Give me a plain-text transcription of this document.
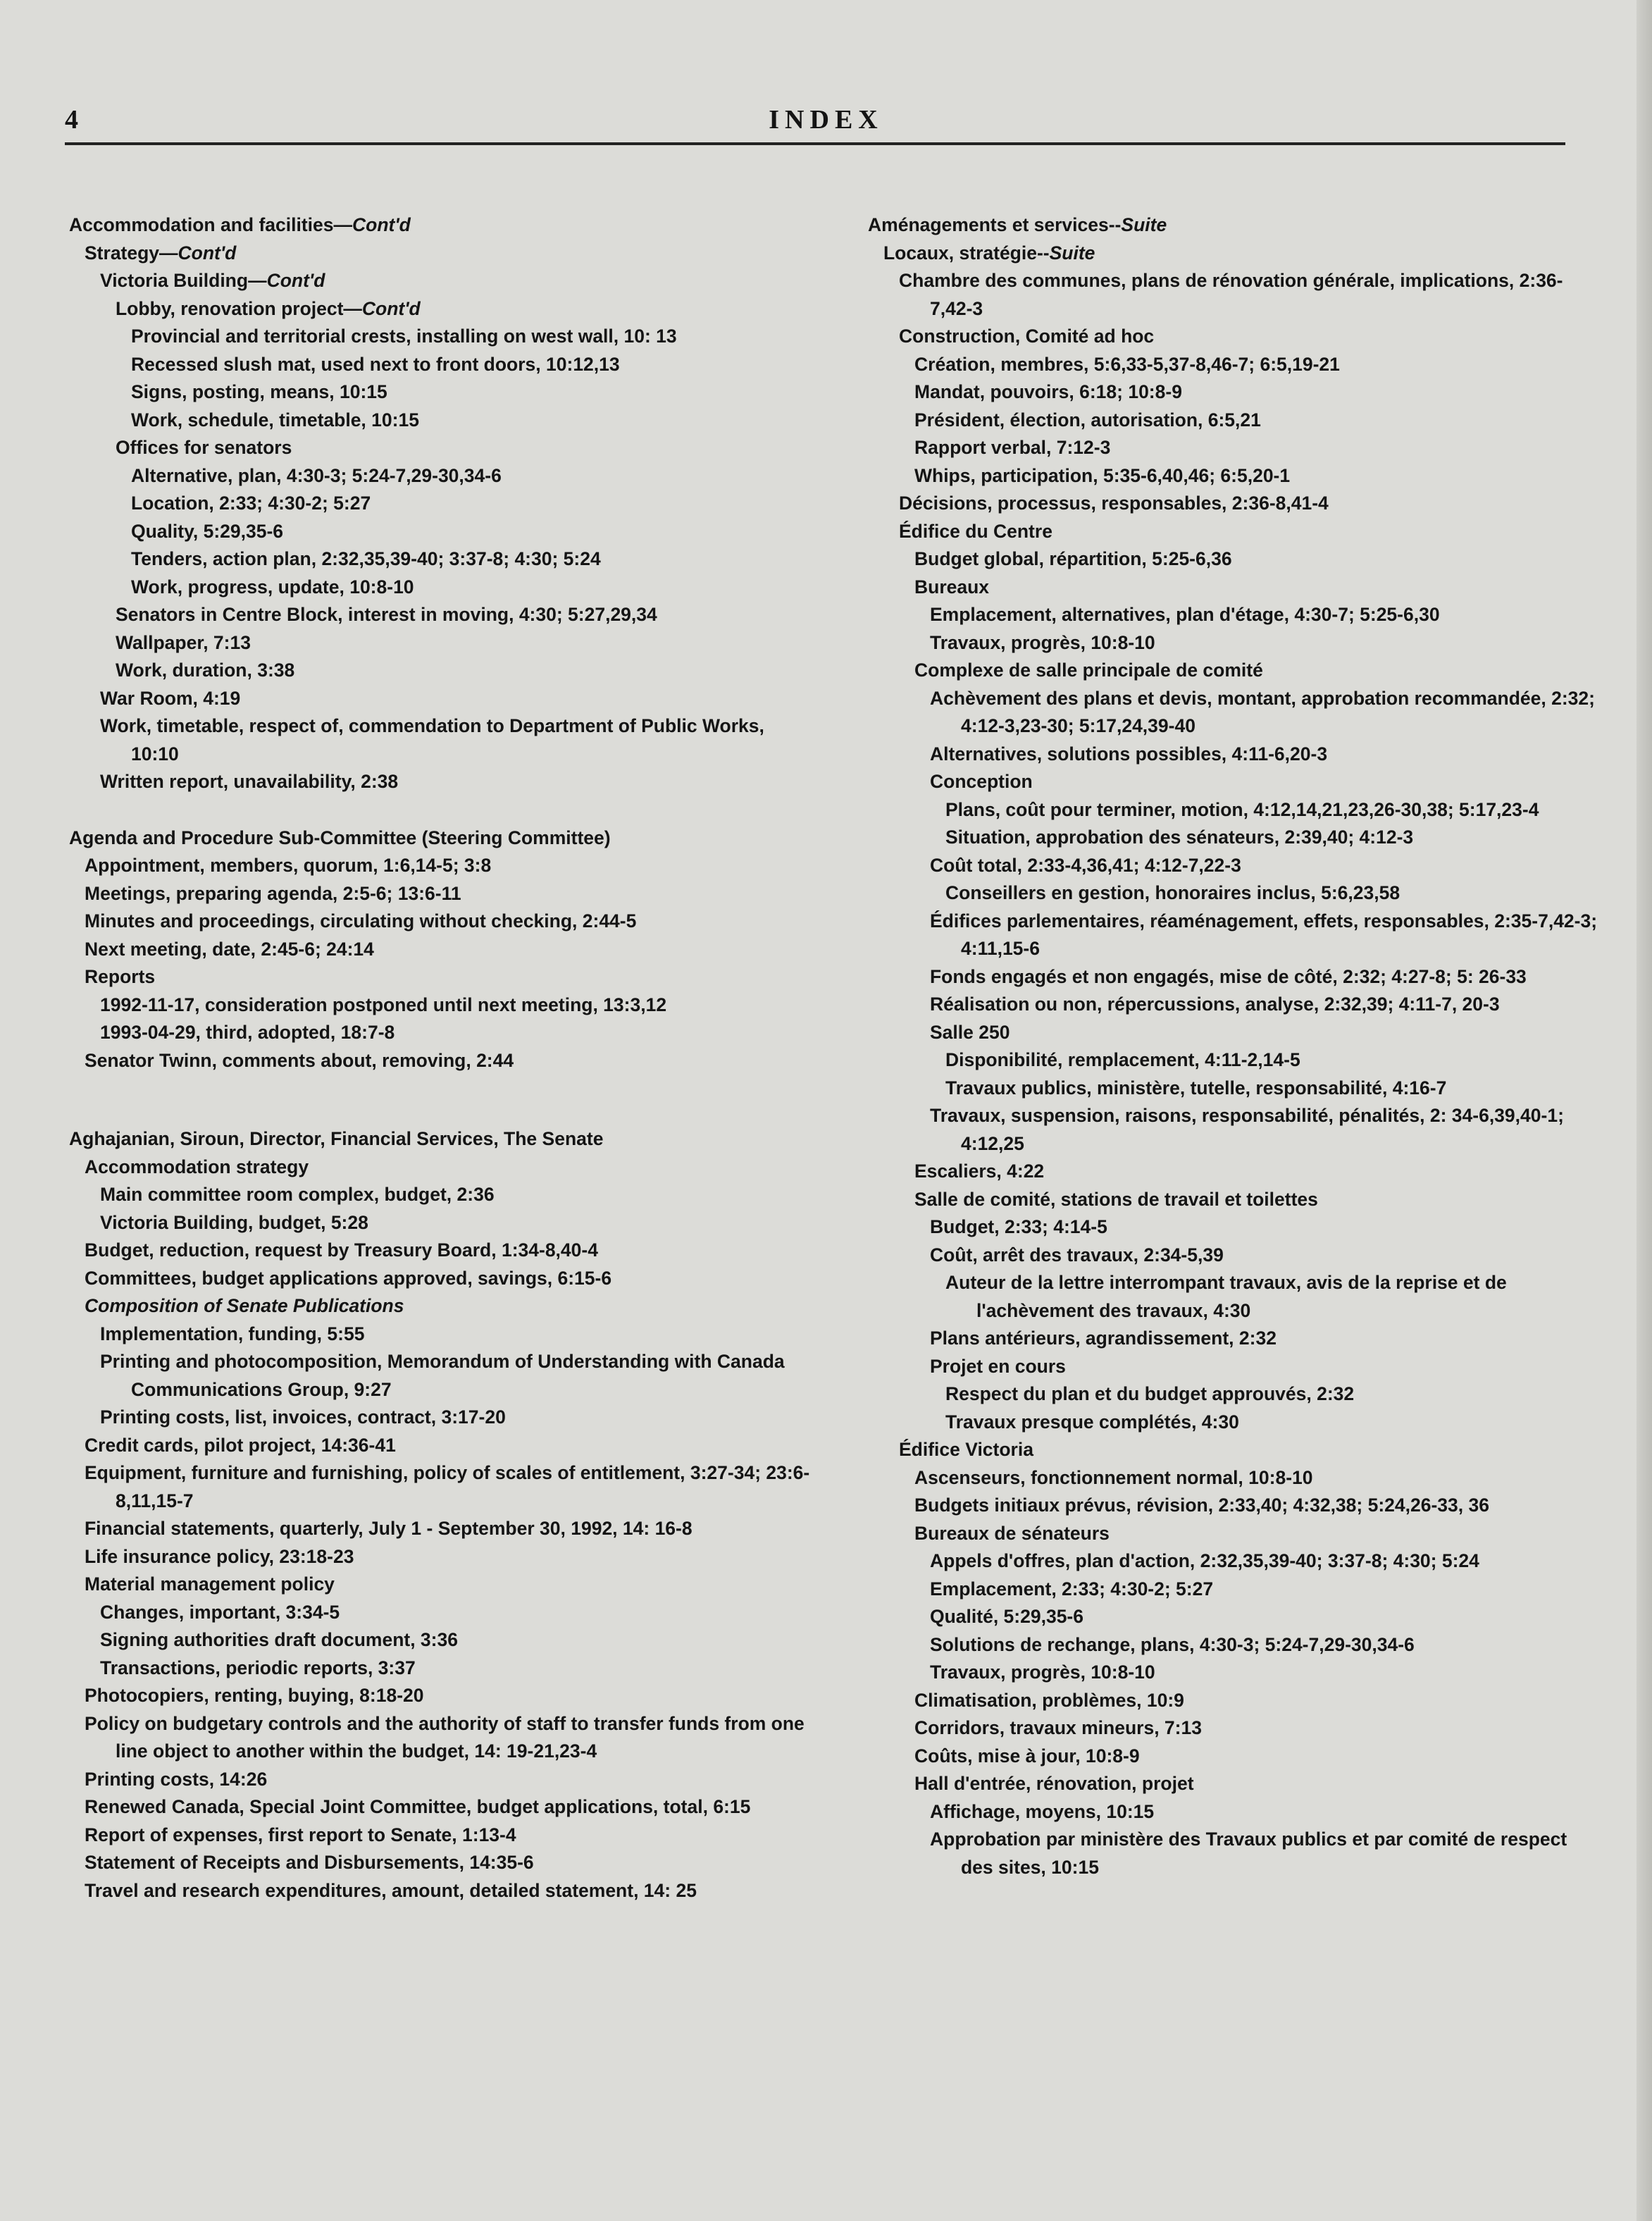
4	INDEX
Accommodation and facilities—Cont'd
Strategy—Cont'd
Victoria Building—Cont'd
Lobby, renovation project—Cont'd
Provincial and territorial crests, installing on west wall, 10: 13
Recessed slush mat, used next to front doors, 10:12,13
Signs, posting, means, 10:15
Work, schedule, timetable, 10:15
Offices for senators
Alternative, plan, 4:30-3; 5:24-7,29-30,34-6
Location, 2:33; 4:30-2; 5:27
Quality, 5:29,35-6
Tenders, action plan, 2:32,35,39-40; 3:37-8; 4:30; 5:24
Work, progress, update, 10:8-10
Senators in Centre Block, interest in moving, 4:30; 5:27,29,34
Wallpaper, 7:13
Work, duration, 3:38
War Room, 4:19
Work, timetable, respect of, commendation to Department of Public Works, 10:10
Written report, unavailability, 2:38
Agenda and Procedure Sub-Committee (Steering Committee)
Appointment, members, quorum, 1:6,14-5; 3:8
Meetings, preparing agenda, 2:5-6; 13:6-11
Minutes and proceedings, circulating without checking, 2:44-5
Next meeting, date, 2:45-6; 24:14
Reports
1992-11-17, consideration postponed until next meeting, 13:3,12
1993-04-29, third, adopted, 18:7-8
Senator Twinn, comments about, removing, 2:44
Aghajanian, Siroun, Director, Financial Services, The Senate
Accommodation strategy
Main committee room complex, budget, 2:36
Victoria Building, budget, 5:28
Budget, reduction, request by Treasury Board, 1:34-8,40-4
Committees, budget applications approved, savings, 6:15-6
Composition of Senate Publications
Implementation, funding, 5:55
Printing and photocomposition, Memorandum of Understanding with Canada Communications Group, 9:27
Printing costs, list, invoices, contract, 3:17-20
Credit cards, pilot project, 14:36-41
Equipment, furniture and furnishing, policy of scales of entitlement, 3:27-34; 23:6-8,11,15-7
Financial statements, quarterly, July 1 - September 30, 1992, 14: 16-8
Life insurance policy, 23:18-23
Material management policy
Changes, important, 3:34-5
Signing authorities draft document, 3:36
Transactions, periodic reports, 3:37
Photocopiers, renting, buying, 8:18-20
Policy on budgetary controls and the authority of staff to transfer funds from one line object to another within the budget, 14: 19-21,23-4
Printing costs, 14:26
Renewed Canada, Special Joint Committee, budget applications, total, 6:15
Report of expenses, first report to Senate, 1:13-4
Statement of Receipts and Disbursements, 14:35-6
Travel and research expenditures, amount, detailed statement, 14: 25
Aménagements et services--Suite
Locaux, stratégie--Suite
Chambre des communes, plans de rénovation générale, implications, 2:36-7,42-3
Construction, Comité ad hoc
Création, membres, 5:6,33-5,37-8,46-7; 6:5,19-21
Mandat, pouvoirs, 6:18; 10:8-9
Président, élection, autorisation, 6:5,21
Rapport verbal, 7:12-3
Whips, participation, 5:35-6,40,46; 6:5,20-1
Décisions, processus, responsables, 2:36-8,41-4
Édifice du Centre
Budget global, répartition, 5:25-6,36
Bureaux
Emplacement, alternatives, plan d'étage, 4:30-7; 5:25-6,30
Travaux, progrès, 10:8-10
Complexe de salle principale de comité
Achèvement des plans et devis, montant, approbation recommandée, 2:32; 4:12-3,23-30; 5:17,24,39-40
Alternatives, solutions possibles, 4:11-6,20-3
Conception
Plans, coût pour terminer, motion, 4:12,14,21,23,26-30,38; 5:17,23-4
Situation, approbation des sénateurs, 2:39,40; 4:12-3
Coût total, 2:33-4,36,41; 4:12-7,22-3
Conseillers en gestion, honoraires inclus, 5:6,23,58
Édifices parlementaires, réaménagement, effets, responsables, 2:35-7,42-3; 4:11,15-6
Fonds engagés et non engagés, mise de côté, 2:32; 4:27-8; 5: 26-33
Réalisation ou non, répercussions, analyse, 2:32,39; 4:11-7, 20-3
Salle 250
Disponibilité, remplacement, 4:11-2,14-5
Travaux publics, ministère, tutelle, responsabilité, 4:16-7
Travaux, suspension, raisons, responsabilité, pénalités, 2: 34-6,39,40-1; 4:12,25
Escaliers, 4:22
Salle de comité, stations de travail et toilettes
Budget, 2:33; 4:14-5
Coût, arrêt des travaux, 2:34-5,39
Auteur de la lettre interrompant travaux, avis de la reprise et de l'achèvement des travaux, 4:30
Plans antérieurs, agrandissement, 2:32
Projet en cours
Respect du plan et du budget approuvés, 2:32
Travaux presque complétés, 4:30
Édifice Victoria
Ascenseurs, fonctionnement normal, 10:8-10
Budgets initiaux prévus, révision, 2:33,40; 4:32,38; 5:24,26-33, 36
Bureaux de sénateurs
Appels d'offres, plan d'action, 2:32,35,39-40; 3:37-8; 4:30; 5:24
Emplacement, 2:33; 4:30-2; 5:27
Qualité, 5:29,35-6
Solutions de rechange, plans, 4:30-3; 5:24-7,29-30,34-6
Travaux, progrès, 10:8-10
Climatisation, problèmes, 10:9
Corridors, travaux mineurs, 7:13
Coûts, mise à jour, 10:8-9
Hall d'entrée, rénovation, projet
Affichage, moyens, 10:15
Approbation par ministère des Travaux publics et par comité de respect des sites, 10:15
